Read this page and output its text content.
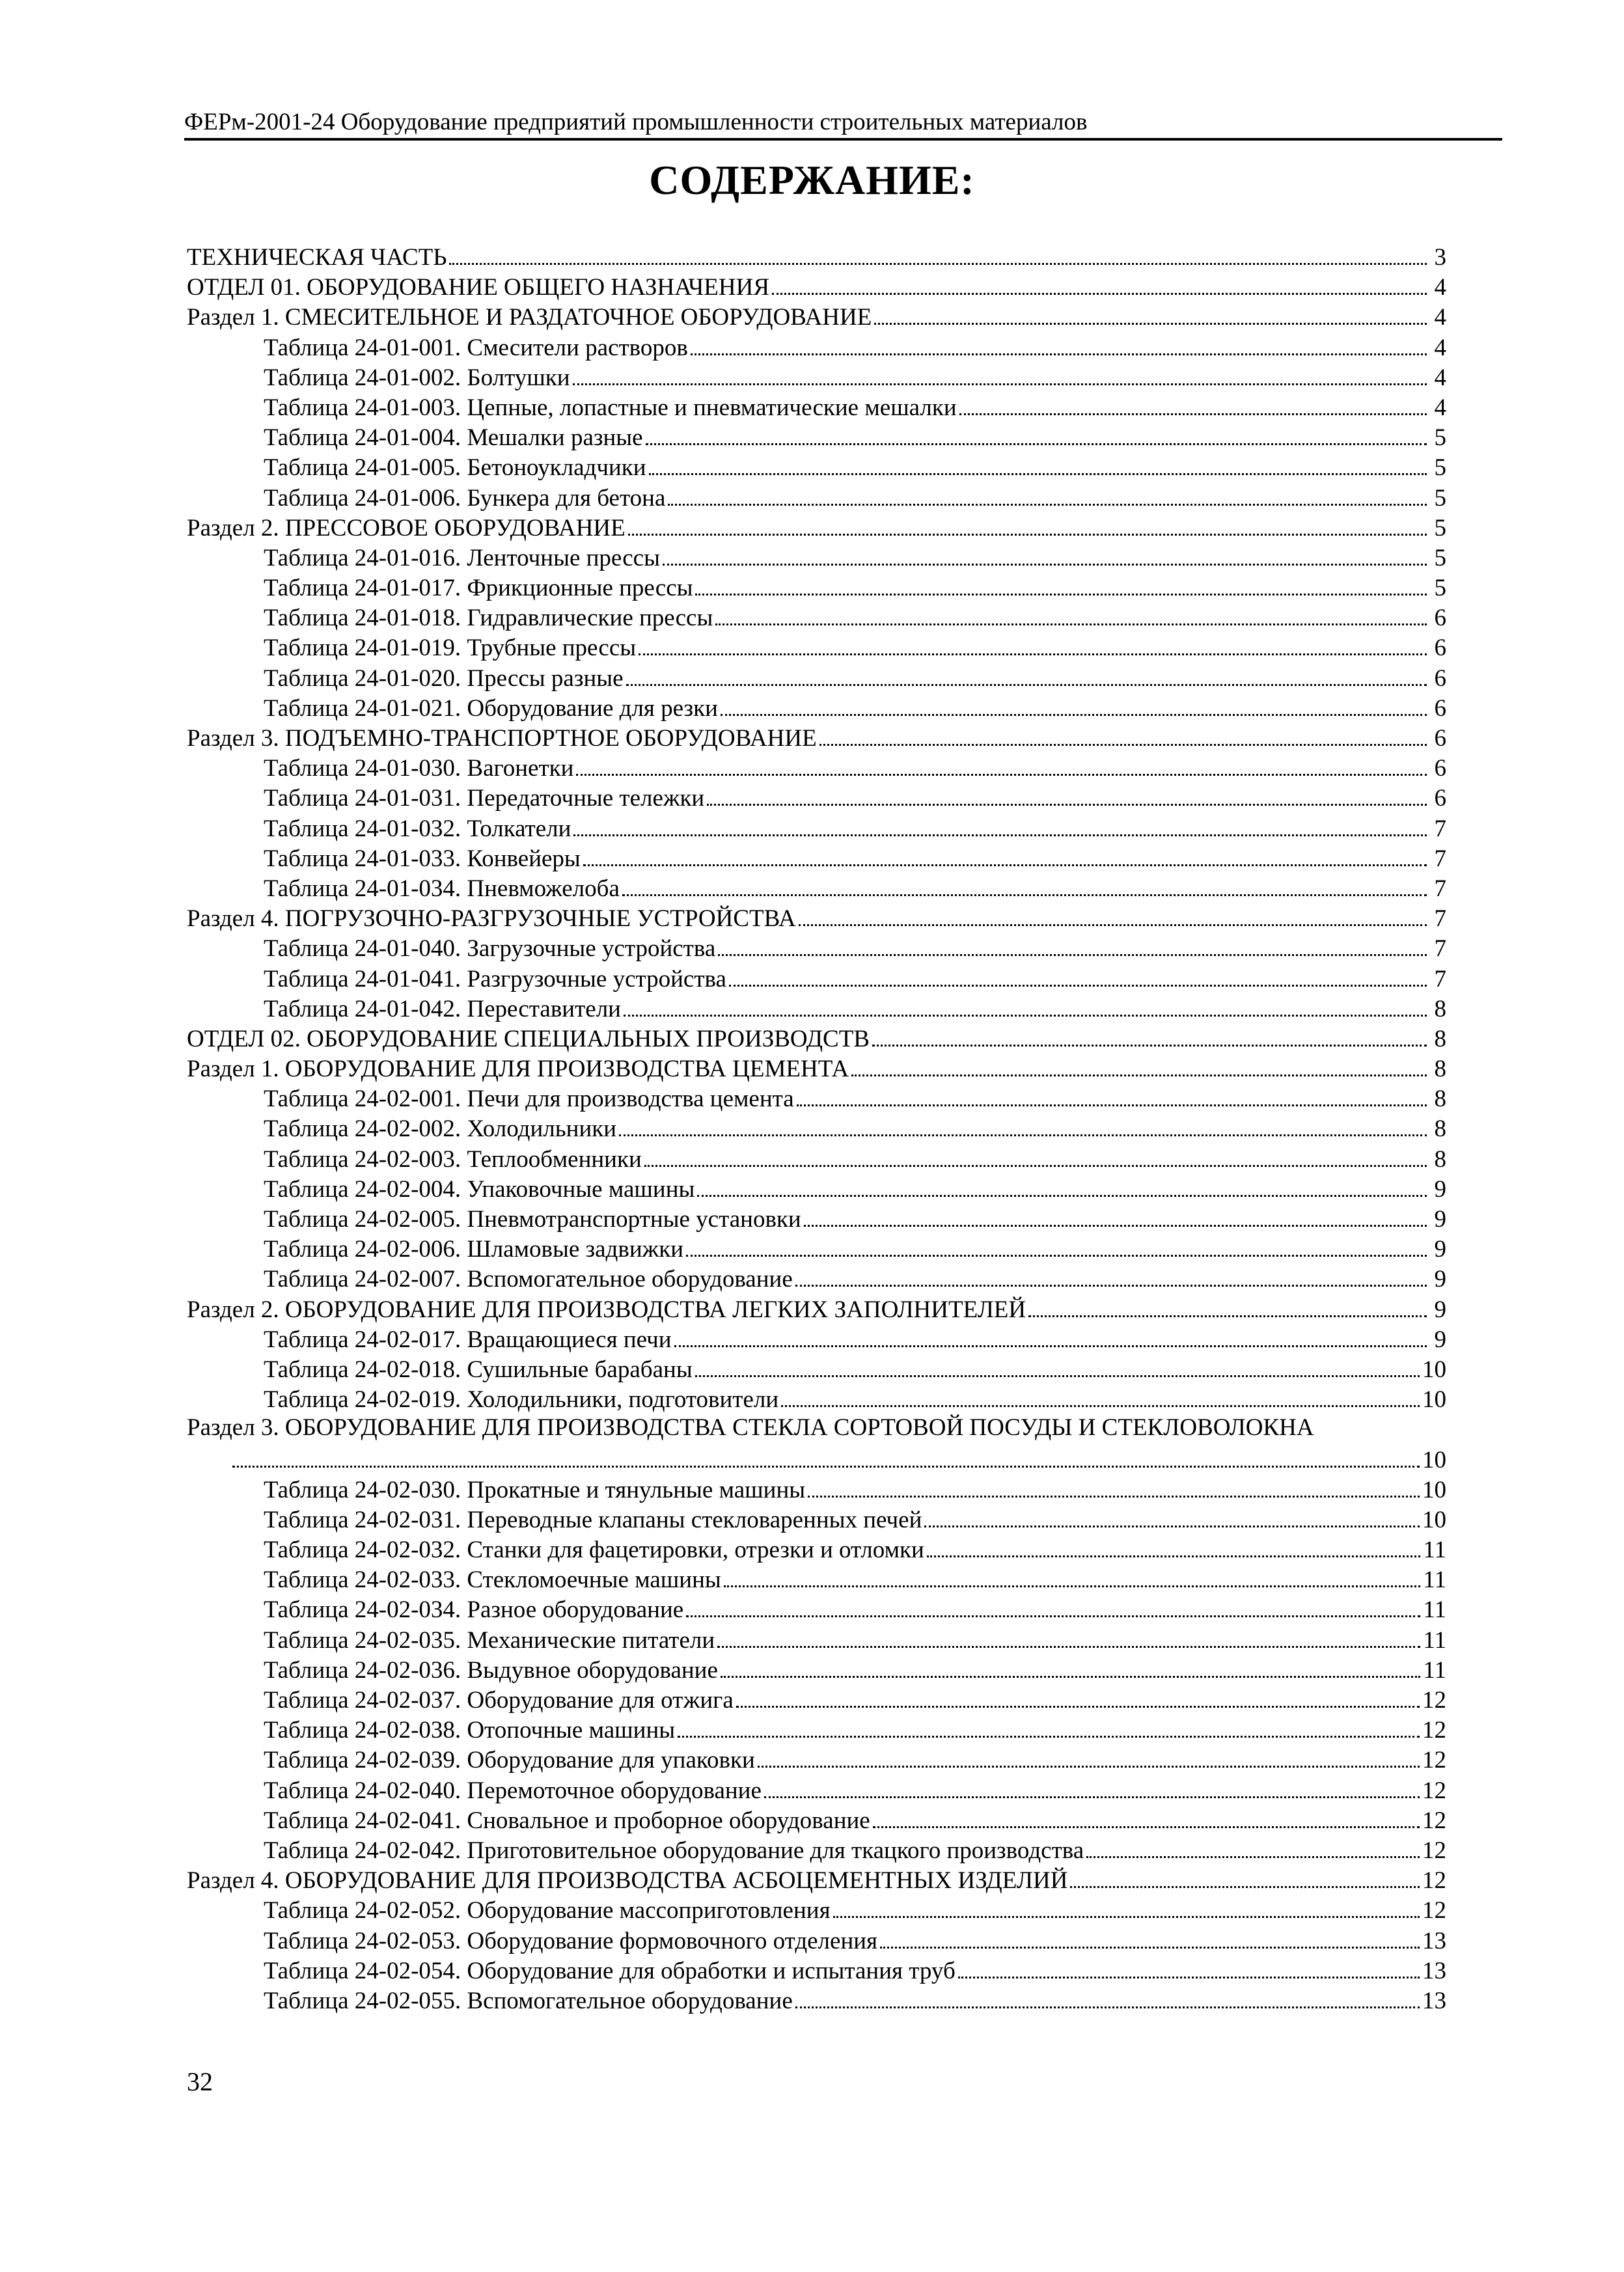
ФЕРм-2001-24 Оборудование предприятий промышленности строительных материалов
СОДЕРЖАНИЕ:
ТЕХНИЧЕСКАЯ ЧАСТЬ	3
ОТДЕЛ 01. ОБОРУДОВАНИЕ ОБЩЕГО НАЗНАЧЕНИЯ	4
Раздел 1. СМЕСИТЕЛЬНОЕ И РАЗДАТОЧНОЕ ОБОРУДОВАНИЕ	4
Таблица 24-01-001. Смесители растворов	4
Таблица 24-01-002. Болтушки	4
Таблица 24-01-003. Цепные, лопастные и пневматические мешалки	4
Таблица 24-01-004. Мешалки разные	5
Таблица 24-01-005. Бетоноукладчики	5
Таблица 24-01-006. Бункера для бетона	5
Раздел 2. ПРЕССОВОЕ ОБОРУДОВАНИЕ	5
Таблица 24-01-016. Ленточные прессы	5
Таблица 24-01-017. Фрикционные прессы	5
Таблица 24-01-018. Гидравлические прессы	6
Таблица 24-01-019. Трубные прессы	6
Таблица 24-01-020. Прессы разные	6
Таблица 24-01-021. Оборудование для резки	6
Раздел 3. ПОДЪЕМНО-ТРАНСПОРТНОЕ ОБОРУДОВАНИЕ	6
Таблица 24-01-030. Вагонетки	6
Таблица 24-01-031. Передаточные тележки	6
Таблица 24-01-032. Толкатели	7
Таблица 24-01-033. Конвейеры	7
Таблица 24-01-034. Пневможелоба	7
Раздел 4. ПОГРУЗОЧНО-РАЗГРУЗОЧНЫЕ УСТРОЙСТВА	7
Таблица 24-01-040. Загрузочные устройства	7
Таблица 24-01-041. Разгрузочные устройства	7
Таблица 24-01-042. Переставители	8
ОТДЕЛ 02. ОБОРУДОВАНИЕ СПЕЦИАЛЬНЫХ ПРОИЗВОДСТВ	8
Раздел 1. ОБОРУДОВАНИЕ ДЛЯ ПРОИЗВОДСТВА ЦЕМЕНТА	8
Таблица 24-02-001. Печи для производства цемента	8
Таблица 24-02-002. Холодильники	8
Таблица 24-02-003. Теплообменники	8
Таблица 24-02-004. Упаковочные машины	9
Таблица 24-02-005. Пневмотранспортные установки	9
Таблица 24-02-006. Шламовые задвижки	9
Таблица 24-02-007. Вспомогательное оборудование	9
Раздел 2. ОБОРУДОВАНИЕ ДЛЯ ПРОИЗВОДСТВА ЛЕГКИХ ЗАПОЛНИТЕЛЕЙ	9
Таблица 24-02-017. Вращающиеся печи	9
Таблица 24-02-018. Сушильные барабаны	10
Таблица 24-02-019. Холодильники, подготовители	10
Раздел 3. ОБОРУДОВАНИЕ ДЛЯ ПРОИЗВОДСТВА СТЕКЛА СОРТОВОЙ ПОСУДЫ И СТЕКЛОВОЛОКНА
10
Таблица 24-02-030. Прокатные и тянульные машины	10
Таблица 24-02-031. Переводные клапаны стекловаренных печей	10
Таблица 24-02-032. Станки для фацетировки, отрезки и отломки	11
Таблица 24-02-033. Стекломоечные машины	11
Таблица 24-02-034. Разное оборудование	11
Таблица 24-02-035. Механические питатели	11
Таблица 24-02-036. Выдувное оборудование	11
Таблица 24-02-037. Оборудование для отжига	12
Таблица 24-02-038. Отопочные машины	12
Таблица 24-02-039. Оборудование для упаковки	12
Таблица 24-02-040. Перемоточное оборудование	12
Таблица 24-02-041. Сновальное и проборное оборудование	12
Таблица 24-02-042. Приготовительное оборудование для ткацкого производства	12
Раздел 4. ОБОРУДОВАНИЕ ДЛЯ ПРОИЗВОДСТВА АСБОЦЕМЕНТНЫХ ИЗДЕЛИЙ	12
Таблица 24-02-052. Оборудование массоприготовления	12
Таблица 24-02-053. Оборудование формовочного отделения	13
Таблица 24-02-054. Оборудование для обработки и испытания труб	13
Таблица 24-02-055. Вспомогательное оборудование	13
32
